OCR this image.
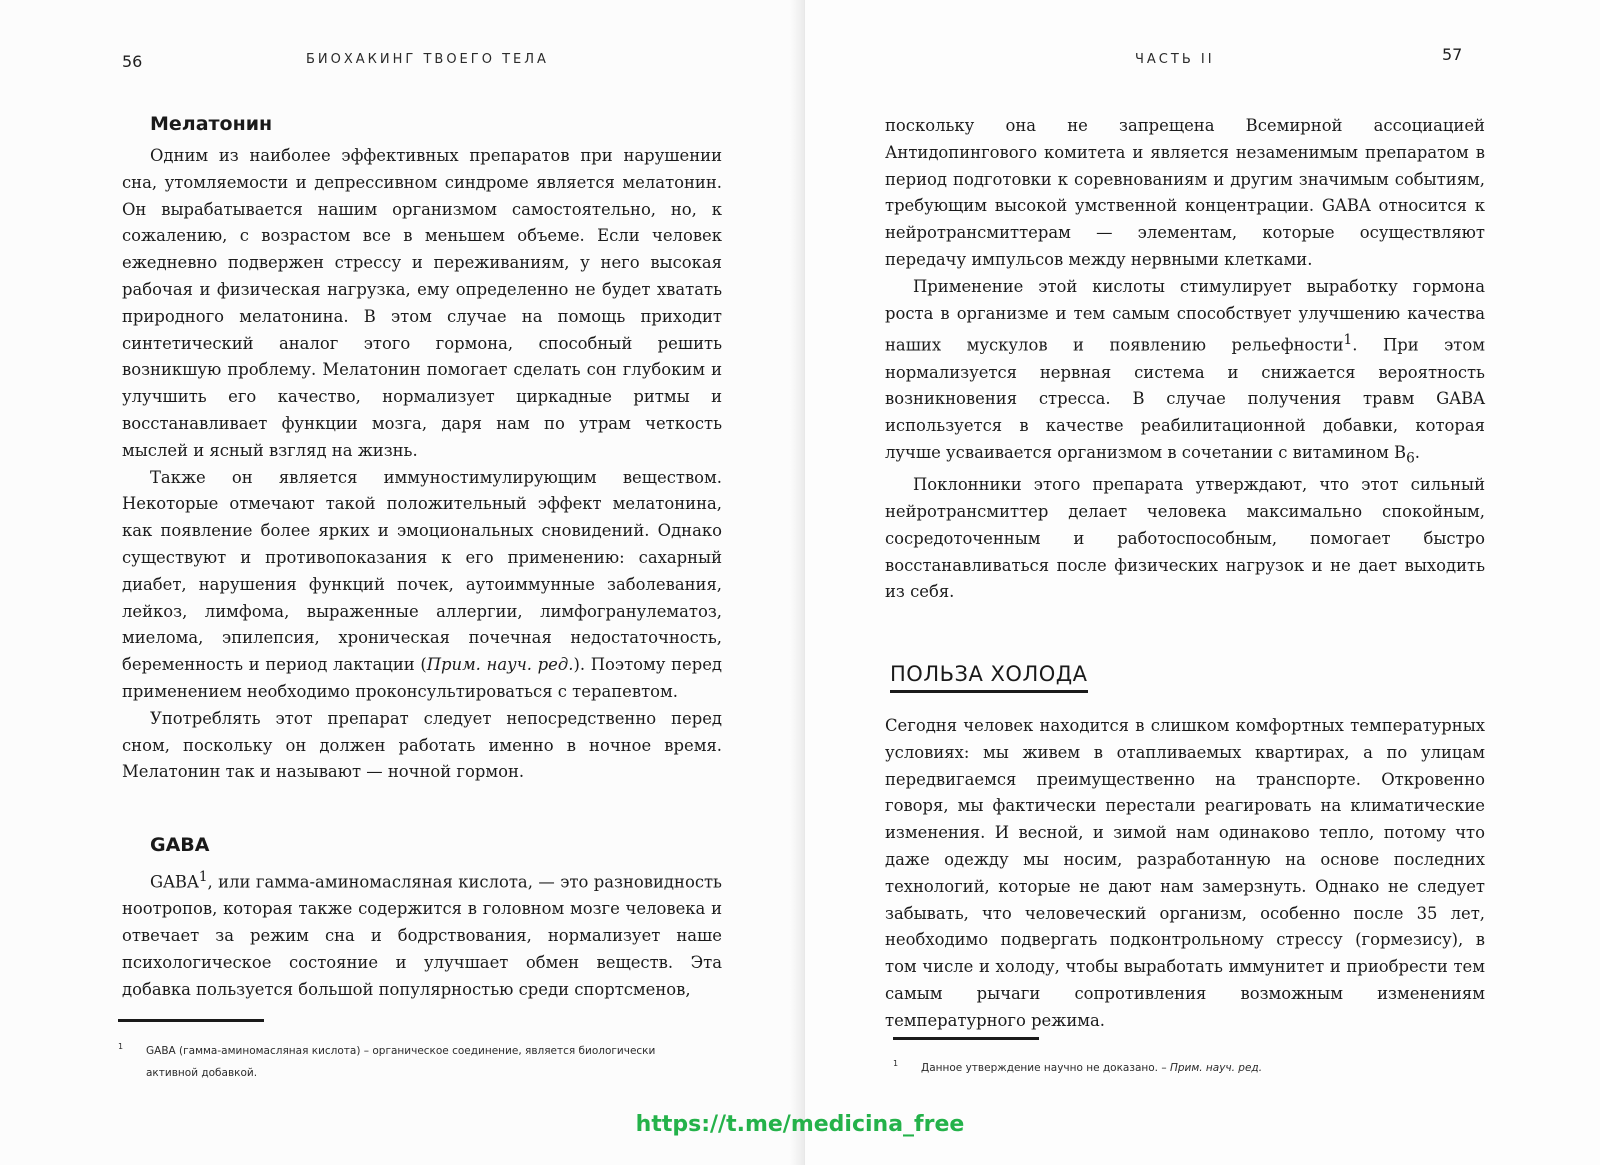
56	БИОХАКИНГ ТВОЕГО ТЕЛА
Мелатонин

Одним из наиболее эффективных препаратов при нарушении сна, утомляемости и депрессивном синдроме является мелатонин. Он вырабатывается нашим организмом самостоятельно, но, к сожалению, с возрастом все в меньшем объеме. Если человек ежедневно подвержен стрессу и переживаниям, у него высокая рабочая и физическая нагрузка, ему определенно не будет хватать природного мелатонина. В этом случае на помощь приходит синтетический аналог этого гормона, способный решить возникшую проблему. Мелатонин помогает сделать сон глубоким и улучшить его качество, нормализует циркадные ритмы и восстанавливает функции мозга, даря нам по утрам четкость мыслей и ясный взгляд на жизнь.

Также он является иммуностимулирующим веществом. Некоторые отмечают такой положительный эффект мелатонина, как появление более ярких и эмоциональных сновидений. Однако существуют и противопоказания к его применению: сахарный диабет, нарушения функций почек, аутоиммунные заболевания, лейкоз, лимфома, выраженные аллергии, лимфогранулематоз, миелома, эпилепсия, хроническая почечная недостаточность, беременность и период лактации (Прим. науч. ред.). Поэтому перед применением необходимо проконсультироваться с терапевтом.

Употреблять этот препарат следует непосредственно перед сном, поскольку он должен работать именно в ночное время. Мелатонин так и называют — ночной гормон.

GABA

GABA$^1$, или гамма-аминомасляная кислота, — это разновидность ноотропов, которая также содержится в головном мозге человека и отвечает за режим сна и бодрствования, нормализует наше психологическое состояние и улучшает обмен веществ. Эта добавка пользуется большой популярностью среди спортсменов,

1	GABA (гамма-аминомасляная кислота) – органическое соединение, является биологически активной добавкой.
ЧАСТЬ II	57

поскольку она не запрещена Всемирной ассоциацией Антидопингового комитета и является незаменимым препаратом в период подготовки к соревнованиям и другим значимым событиям, требующим высокой умственной концентрации. GABA относится к нейротрансмиттерам — элементам, которые осуществляют передачу импульсов между нервными клетками.

Применение этой кислоты стимулирует выработку гормона роста в организме и тем самым способствует улучшению качества наших мускулов и появлению рельефности$^1$. При этом нормализуется нервная система и снижается вероятность возникновения стресса. В случае получения травм GABA используется в качестве реабилитационной добавки, которая лучше усваивается организмом в сочетании с витамином $B_6$.

Поклонники этого препарата утверждают, что этот сильный нейротрансмиттер делает человека максимально спокойным, сосредоточенным и работоспособным, помогает быстро восстанавливаться после физических нагрузок и не дает выходить из себя.

ПОЛЬЗА ХОЛОДА

Сегодня человек находится в слишком комфортных температурных условиях: мы живем в отапливаемых квартирах, а по улицам передвигаемся преимущественно на транспорте. Откровенно говоря, мы фактически перестали реагировать на климатические изменения. И весной, и зимой нам одинаково тепло, потому что даже одежду мы носим, разработанную на основе последних технологий, которые не дают нам замерзнуть. Однако не следует забывать, что человеческий организм, особенно после 35 лет, необходимо подвергать подконтрольному стрессу (гормезису), в том числе и холоду, чтобы выработать иммунитет и приобрести тем самым рычаги сопротивления возможным изменениям температурного режима.

1	Данное утверждение научно не доказано. – Прим. науч. ред.
https://t.me/medicina_free
